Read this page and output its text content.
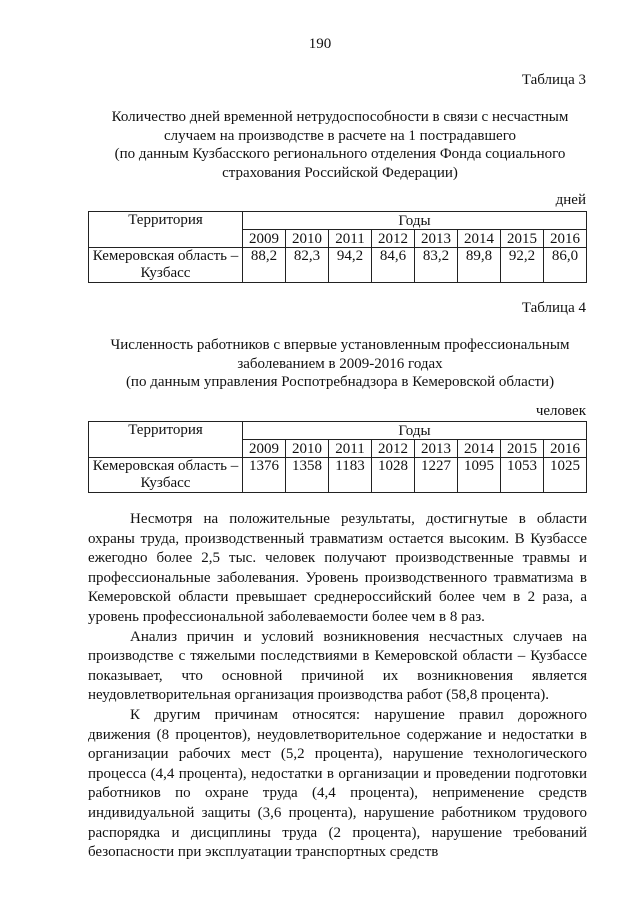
190
Таблица 3
Количество дней временной нетрудоспособности в связи с несчастным
случаем на производстве в расчете на 1 пострадавшего
(по данным Кузбасского регионального отделения Фонда социального
страхования Российской Федерации)
дней
Территория	Годы							
	2009	2010	2011	2012	2013	2014	2015	2016

Кемеровская область –
Кузбасс	88,2	82,3	94,2	84,6	83,2	89,8	92,2	86,0
Таблица 4
Численность работников с впервые установленным профессиональным
заболеванием в 2009-2016 годах
(по данным управления Роспотребнадзора в Кемеровской области)
человек
Территория	Годы							
	2009	2010	2011	2012	2013	2014	2015	2016

Кемеровская область –
Кузбасс	1376	1358	1183	1028	1227	1095	1053	1025

Несмотря на положительные результаты, достигнутые в области охраны труда, производственный травматизм остается высоким. В Кузбассе ежегодно более 2,5 тыс. человек получают производственные травмы и профессиональные заболевания. Уровень производственного травматизма в Кемеровской области превышает среднероссийский более чем в 2 раза, а уровень профессиональной заболеваемости более чем в 8 раз.

Анализ причин и условий возникновения несчастных случаев на производстве с тяжелыми последствиями в Кемеровской области – Кузбассе показывает, что основной причиной их возникновения является неудовлетворительная организация производства работ (58,8 процента).

К другим причинам относятся: нарушение правил дорожного движения (8 процентов), неудовлетворительное содержание и недостатки в организации рабочих мест (5,2 процента), нарушение технологического процесса (4,4 процента), недостатки в организации и проведении подготовки работников по охране труда (4,4 процента), неприменение средств индивидуальной защиты (3,6 процента), нарушение работником трудового распорядка и дисциплины труда (2 процента), нарушение требований безопасности при эксплуатации транспортных средств
